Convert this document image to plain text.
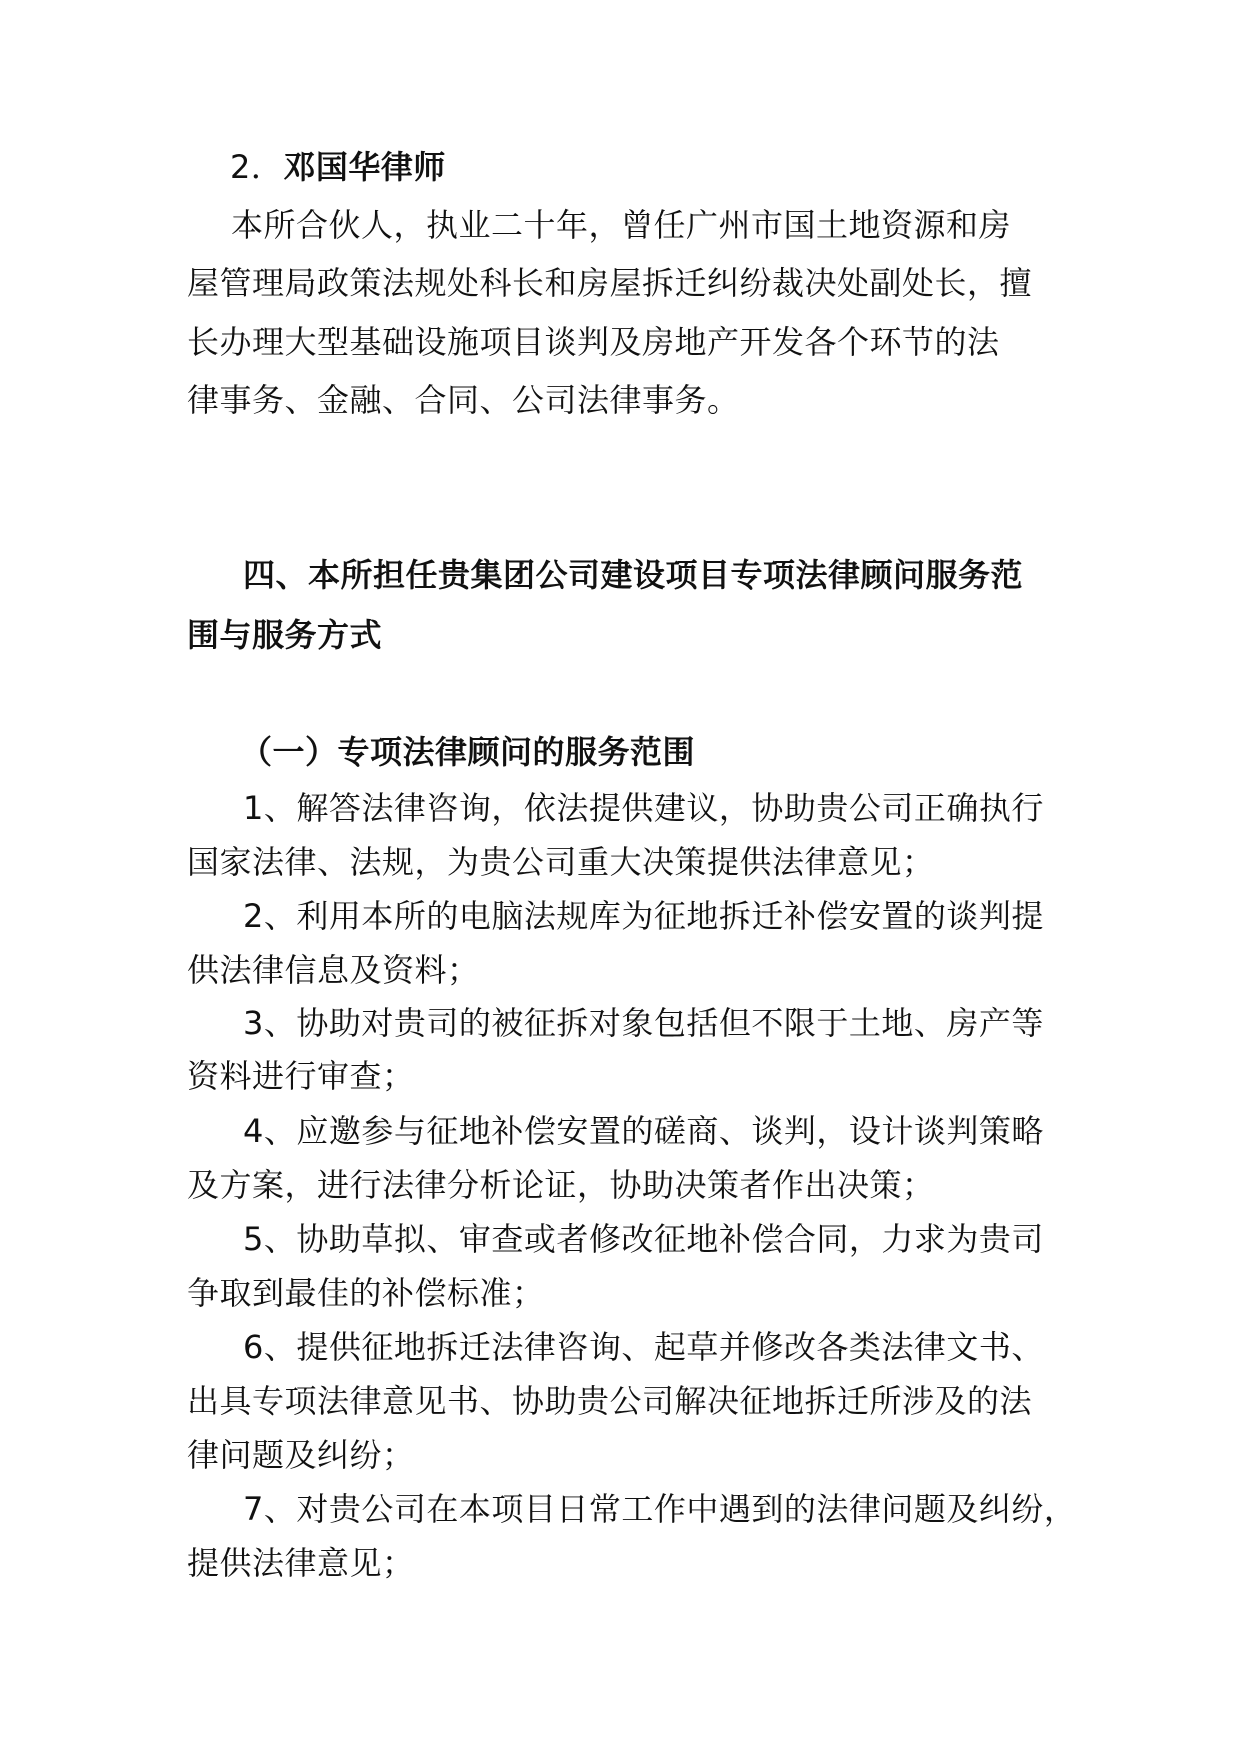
2．邓国华律师
本所合伙人，执业二十年，曾任广州市国土地资源和房
屋管理局政策法规处科长和房屋拆迁纠纷裁决处副处长，擅
长办理大型基础设施项目谈判及房地产开发各个环节的法
律事务、金融、合同、公司法律事务。
四、本所担任贵集团公司建设项目专项法律顾问服务范
围与服务方式
（一）专项法律顾问的服务范围
1、解答法律咨询，依法提供建议，协助贵公司正确执行
国家法律、法规，为贵公司重大决策提供法律意见；
2、利用本所的电脑法规库为征地拆迁补偿安置的谈判提
供法律信息及资料；
3、协助对贵司的被征拆对象包括但不限于土地、房产等
资料进行审查；
4、应邀参与征地补偿安置的磋商、谈判，设计谈判策略
及方案，进行法律分析论证，协助决策者作出决策；
5、协助草拟、审查或者修改征地补偿合同，力求为贵司
争取到最佳的补偿标准；
6、提供征地拆迁法律咨询、起草并修改各类法律文书、
出具专项法律意见书、协助贵公司解决征地拆迁所涉及的法
律问题及纠纷；
7、对贵公司在本项目日常工作中遇到的法律问题及纠纷，
提供法律意见；
